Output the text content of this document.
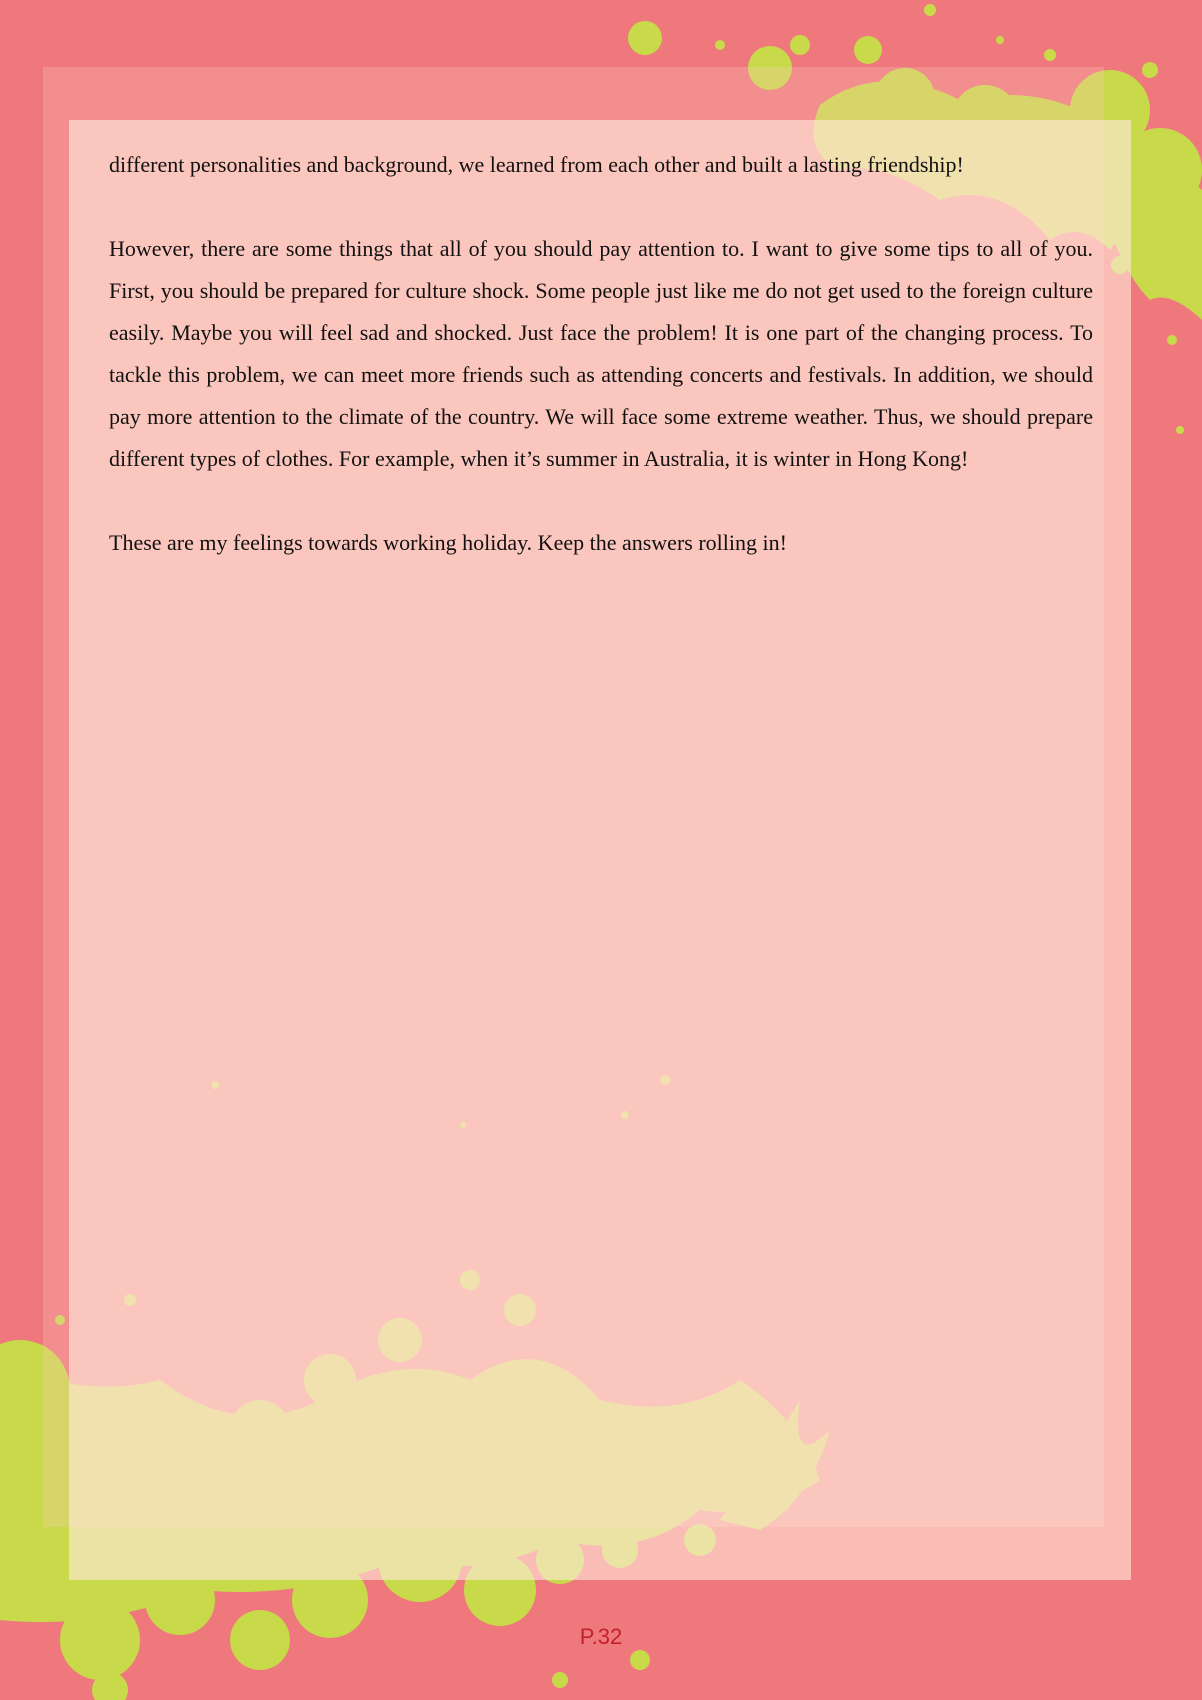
different personalities and background, we learned from each other and built a lasting friendship!

However, there are some things that all of you should pay attention to. I want to give some tips to all of you. First, you should be prepared for culture shock. Some people just like me do not get used to the foreign culture easily. Maybe you will feel sad and shocked. Just face the problem! It is one part of the changing process. To tackle this problem, we can meet more friends such as attending concerts and festivals. In addition, we should pay more attention to the climate of the country. We will face some extreme weather. Thus, we should prepare different types of clothes. For example, when it’s summer in Australia, it is winter in Hong Kong!

These are my feelings towards working holiday. Keep the answers rolling in!

P.32
